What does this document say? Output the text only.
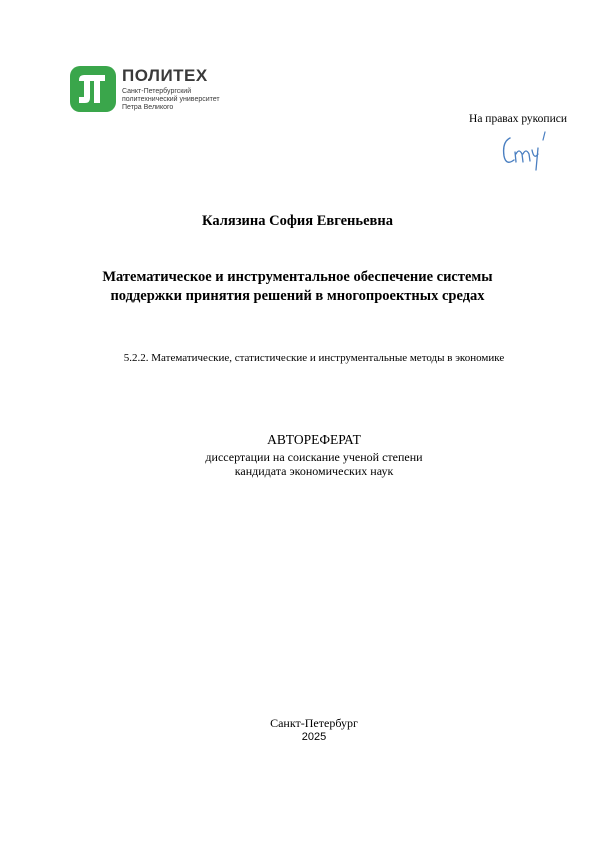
ПОЛИТЕХ
Санкт-Петербургский
политехнический университет
Петра Великого
На правах рукописи
Калязина София Евгеньевна
Математическое и инструментальное обеспечение системы
поддержки принятия решений в многопроектных средах
5.2.2. Математические, статистические и инструментальные методы в экономике
АВТОРЕФЕРАТ
диссертации на соискание ученой степени
кандидата экономических наук
Санкт-Петербург
2025
